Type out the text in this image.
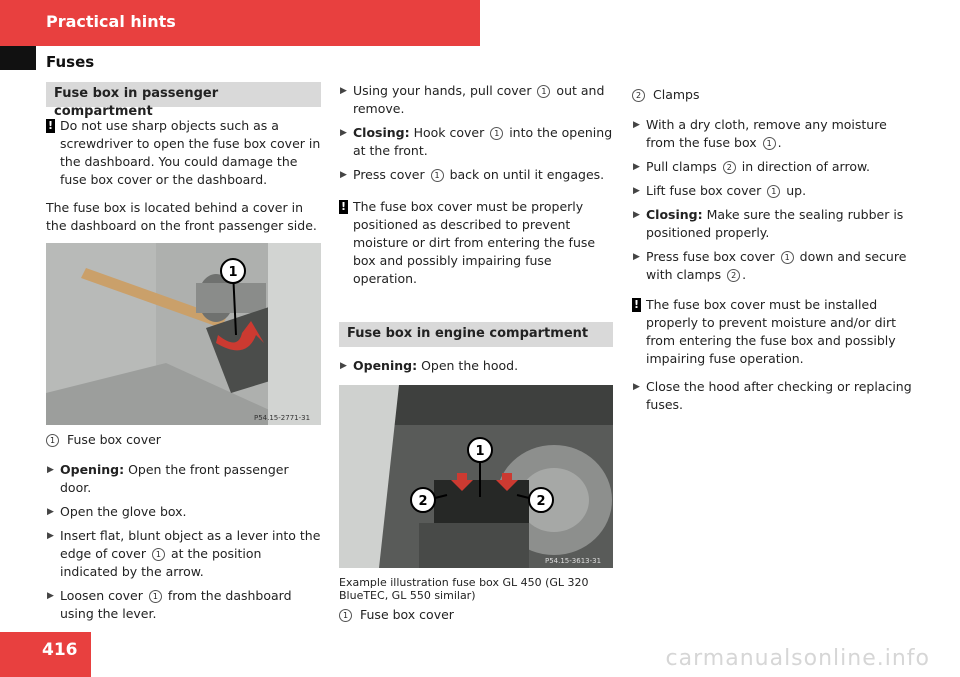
Practical hints
Fuses
Fuse box in passenger compartment
! Do not use sharp objects such as a screwdriver to open the fuse box cover in the dashboard. You could damage the fuse box cover or the dashboard.

The fuse box is located behind a cover in the dashboard on the front passenger side.

1
P54.15-2771-31
1 Fuse box cover
▶ Opening: Open the front passenger door.
▶ Open the glove box.
▶ Insert flat, blunt object as a lever into the edge of cover 1 at the position indicated by the arrow.
▶ Loosen cover 1 from the dashboard using the lever.
▶ Using your hands, pull cover 1 out and remove.
▶ Closing: Hook cover 1 into the opening at the front.
▶ Press cover 1 back on until it engages.
! The fuse box cover must be properly positioned as described to prevent moisture or dirt from entering the fuse box and possibly impairing fuse operation.
Fuse box in engine compartment
▶ Opening: Open the hood.
1
2	2
P54.15-3613-31
Example illustration fuse box GL 450 (GL 320 BlueTEC, GL 550 similar)
1 Fuse box cover
2 Clamps
▶ With a dry cloth, remove any moisture from the fuse box 1 .
▶ Pull clamps 2 in direction of arrow.
▶ Lift fuse box cover 1 up.
▶ Closing: Make sure the sealing rubber is positioned properly.
▶ Press fuse box cover 1 down and secure with clamps 2 .
! The fuse box cover must be installed properly to prevent moisture and/or dirt from entering the fuse box and possibly impairing fuse operation.
▶ Close the hood after checking or replacing fuses.
416	carmanualsonline.info
